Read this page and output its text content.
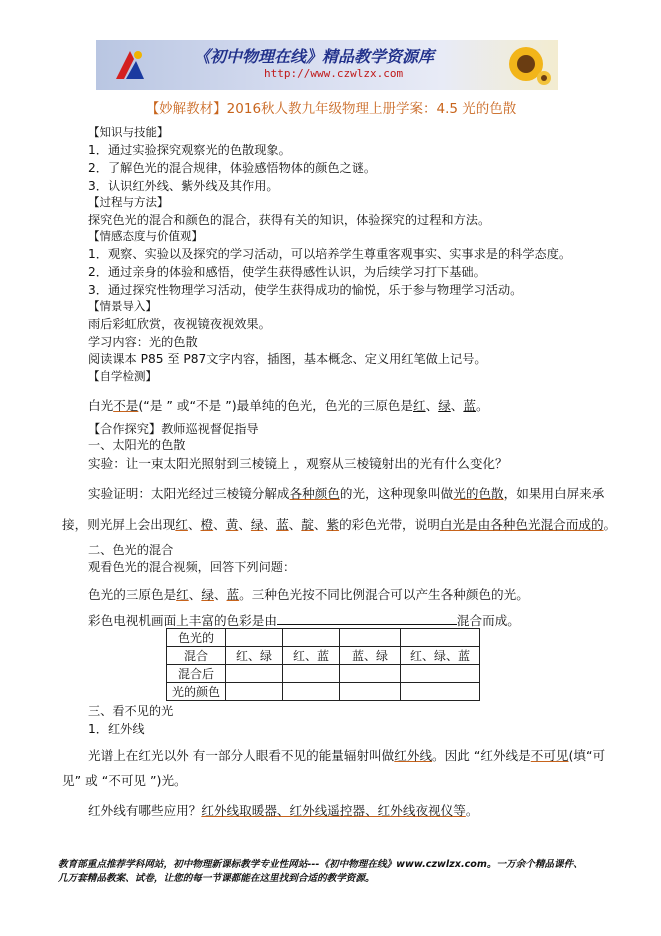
《初中物理在线》精品教学资源库
http://www.czwlzx.com
【妙解教材】2016秋人教九年级物理上册学案：4.5 光的色散
【知识与技能】
1．通过实验探究观察光的色散现象。
2．了解色光的混合规律，体验感悟物体的颜色之谜。
3．认识红外线、紫外线及其作用。
【过程与方法】
探究色光的混合和颜色的混合，获得有关的知识，体验探究的过程和方法。
【情感态度与价值观】
1．观察、实验以及探究的学习活动，可以培养学生尊重客观事实、实事求是的科学态度。
2．通过亲身的体验和感悟，使学生获得感性认识，为后续学习打下基础。
3．通过探究性物理学习活动，使学生获得成功的愉悦，乐于参与物理学习活动。
【情景导入】
雨后彩虹欣赏，夜视镜夜视效果。
学习内容：光的色散
阅读课本 P85 至 P87文字内容，插图，基本概念、定义用红笔做上记号。
【自学检测】
白光不是(“是 ” 或“不是 ”)最单纯的色光，色光的三原色是红、绿、蓝。
【合作探究】教师巡视督促指导
一、太阳光的色散
实验：让一束太阳光照射到三棱镜上 ，观察从三棱镜射出的光有什么变化？
实验证明：太阳光经过三棱镜分解成各种颜色的光，这种现象叫做光的色散，如果用白屏来承
接，则光屏上会出现红、橙、黄、绿、蓝、靛、紫的彩色光带，说明白光是由各种色光混合而成的。
二、色光的混合
观看色光的混合视频，回答下列问题：
色光的三原色是红、绿、蓝。三种色光按不同比例混合可以产生各种颜色的光。
彩色电视机画面上丰富的色彩是由	混合而成。
色光的				
混合	红、绿	红、蓝	蓝、绿	红、绿、蓝
混合后				
光的颜色				
三、看不见的光
1．红外线
光谱上在红光以外 有一部分人眼看不见的能量辐射叫做红外线。因此 “红外线是不可见(填“可
见” 或 “不可见 ”)光。
红外线有哪些应用？红外线取暖器、红外线遥控器、红外线夜视仪等。
教育部重点推荐学科网站，初中物理新课标教学专业性网站---《初中物理在线》www.czwlzx.com。一万余个精品课件、
几万套精品教案、试卷，让您的每一节课都能在这里找到合适的教学资源。
